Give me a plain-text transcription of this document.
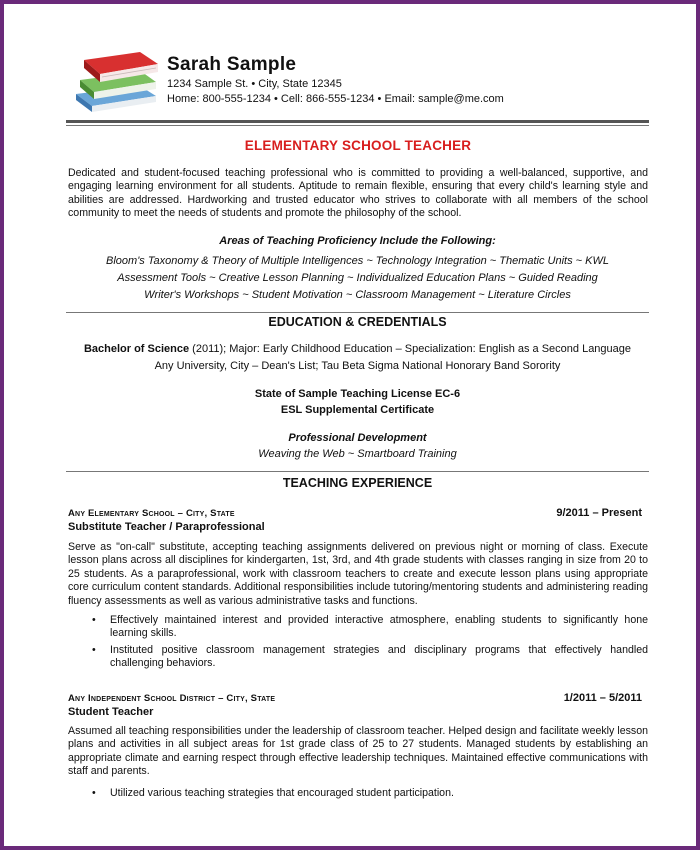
Sarah Sample
1234 Sample St. • City, State 12345
Home: 800-555-1234 • Cell: 866-555-1234 • Email: sample@me.com
ELEMENTARY SCHOOL TEACHER
Dedicated and student-focused teaching professional who is committed to providing a well-balanced, supportive, and engaging learning environment for all students. Aptitude to remain flexible, ensuring that every child's learning style and abilities are addressed. Hardworking and trusted educator who strives to collaborate with all members of the school community to meet the needs of students and promote the philosophy of the school.
Areas of Teaching Proficiency Include the Following:
Bloom's Taxonomy & Theory of Multiple Intelligences ~ Technology Integration ~ Thematic Units ~ KWL
Assessment Tools ~ Creative Lesson Planning ~ Individualized Education Plans ~ Guided Reading
Writer's Workshops ~ Student Motivation ~ Classroom Management ~ Literature Circles
EDUCATION & CREDENTIALS
Bachelor of Science (2011); Major: Early Childhood Education – Specialization: English as a Second Language
Any University, City – Dean's List; Tau Beta Sigma National Honorary Band Sorority
State of Sample Teaching License EC-6
ESL Supplemental Certificate
Professional Development
Weaving the Web ~ Smartboard Training
TEACHING EXPERIENCE
Any Elementary School – City, State	9/2011 – Present
Substitute Teacher / Paraprofessional
Serve as "on-call" substitute, accepting teaching assignments delivered on previous night or morning of class. Execute lesson plans across all disciplines for kindergarten, 1st, 3rd, and 4th grade students with classes ranging in size from 20 to 25 students. As a paraprofessional, work with classroom teachers to create and execute lesson plans using appropriate core curriculum content standards. Additional responsibilities include tutoring/mentoring students and administering reading fluency assessments as well as various administrative tasks and functions.
• Effectively maintained interest and provided interactive atmosphere, enabling students to significantly hone learning skills.
• Instituted positive classroom management strategies and disciplinary programs that effectively handled challenging behaviors.
Any Independent School District – City, State	1/2011 – 5/2011
Student Teacher
Assumed all teaching responsibilities under the leadership of classroom teacher. Helped design and facilitate weekly lesson plans and activities in all subject areas for 1st grade class of 25 to 27 students. Managed students by establishing an appropriate climate and earning respect through effective leadership techniques. Maintained effective communications with staff and parents.
• Utilized various teaching strategies that encouraged student participation.
